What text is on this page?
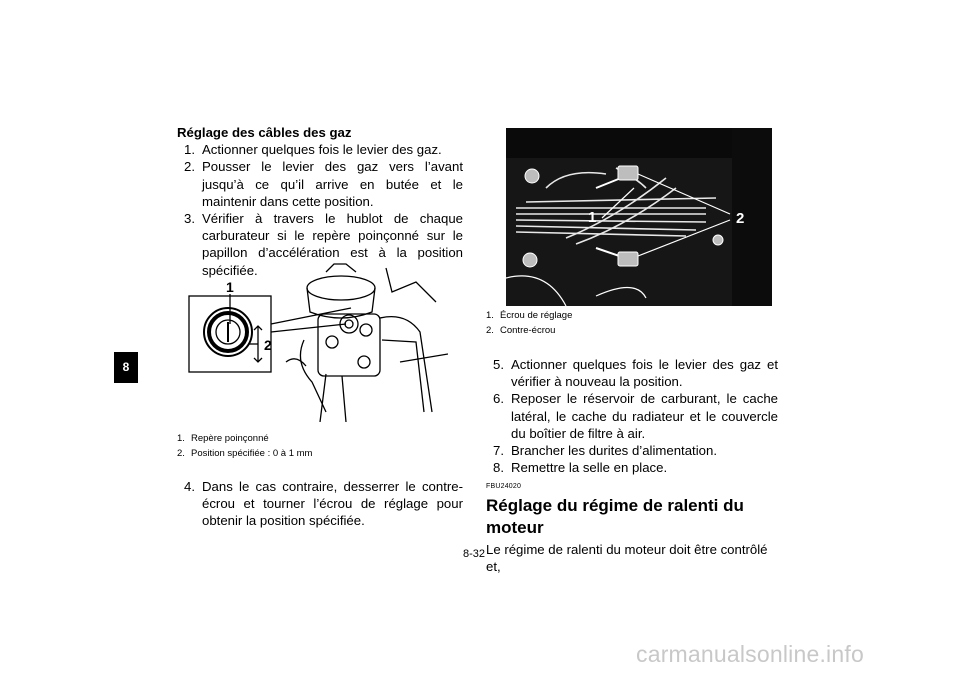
8
Réglage des câbles des gaz
1. Actionner quelques fois le levier des gaz.
2. Pousser le levier des gaz vers l’avant jusqu’à ce qu’il arrive en butée et le maintenir dans cette position.
3. Vérifier à travers le hublot de chaque carburateur si le repère poinçonné sur le papillon d’accélération est à la position spécifiée.
1
2
1. Repère poinçonné
2. Position spécifiée : 0 à 1 mm
4. Dans le cas contraire, desserrer le contre-écrou et tourner l’écrou de réglage pour obtenir la position spécifiée.
1	2
1. Écrou de réglage
2. Contre-écrou
5. Actionner quelques fois le levier des gaz et vérifier à nouveau la position.
6. Reposer le réservoir de carburant, le cache latéral, le cache du radiateur et le couvercle du boîtier de filtre à air.
7. Brancher les durites d’alimentation.
8. Remettre la selle en place.
FBU24020
Réglage du régime de ralenti du moteur
Le régime de ralenti du moteur doit être contrôlé et,
8-32
carmanualsonline.info
